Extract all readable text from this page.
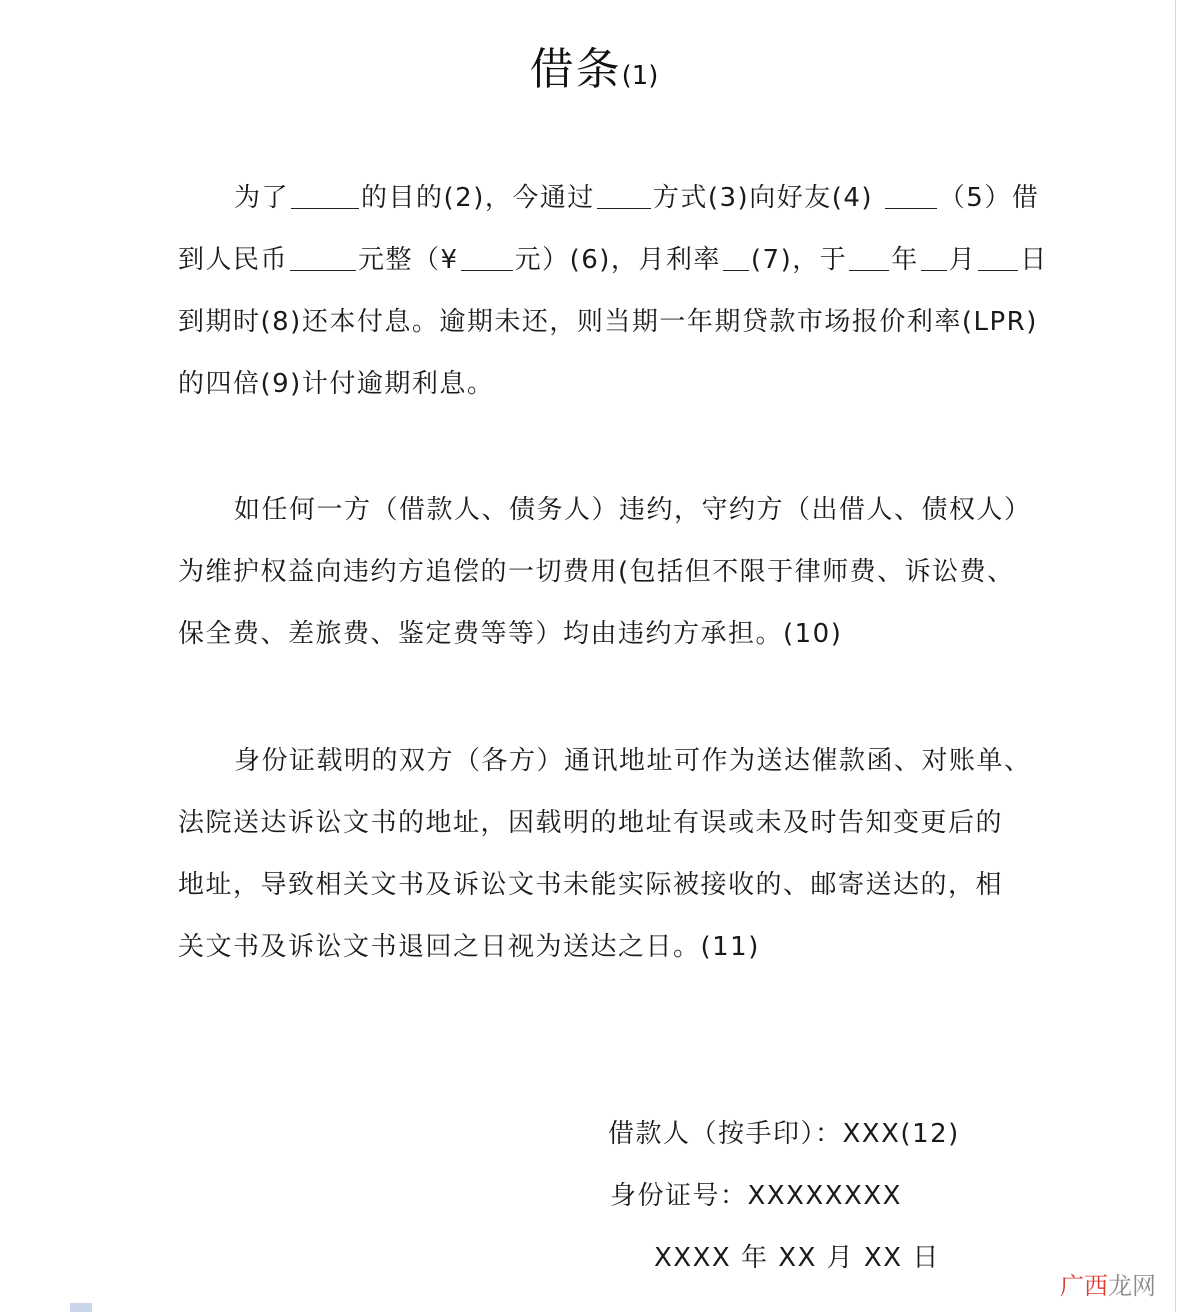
借条(1)
为了	的目的(2)，今通过 方式(3)向好友(4) （5）借
到人民币	元整（¥ 元）(6)，月利率 (7)，于 年 月 日
到期时(8)还本付息。逾期未还，则当期一年期贷款市场报价利率(LPR)
的四倍(9)计付逾期利息。
如任何一方（借款人、债务人）违约，守约方（出借人、债权人）
为维护权益向违约方追偿的一切费用(包括但不限于律师费、诉讼费、
保全费、差旅费、鉴定费等等）均由违约方承担。(10)
身份证载明的双方（各方）通讯地址可作为送达催款函、对账单、
法院送达诉讼文书的地址，因载明的地址有误或未及时告知变更后的
地址，导致相关文书及诉讼文书未能实际被接收的、邮寄送达的，相
关文书及诉讼文书退回之日视为送达之日。(11)
借款人（按手印）：XXX(12)
身份证号：XXXXXXXX
XXXX 年 XX 月 XX 日
广西龙网
